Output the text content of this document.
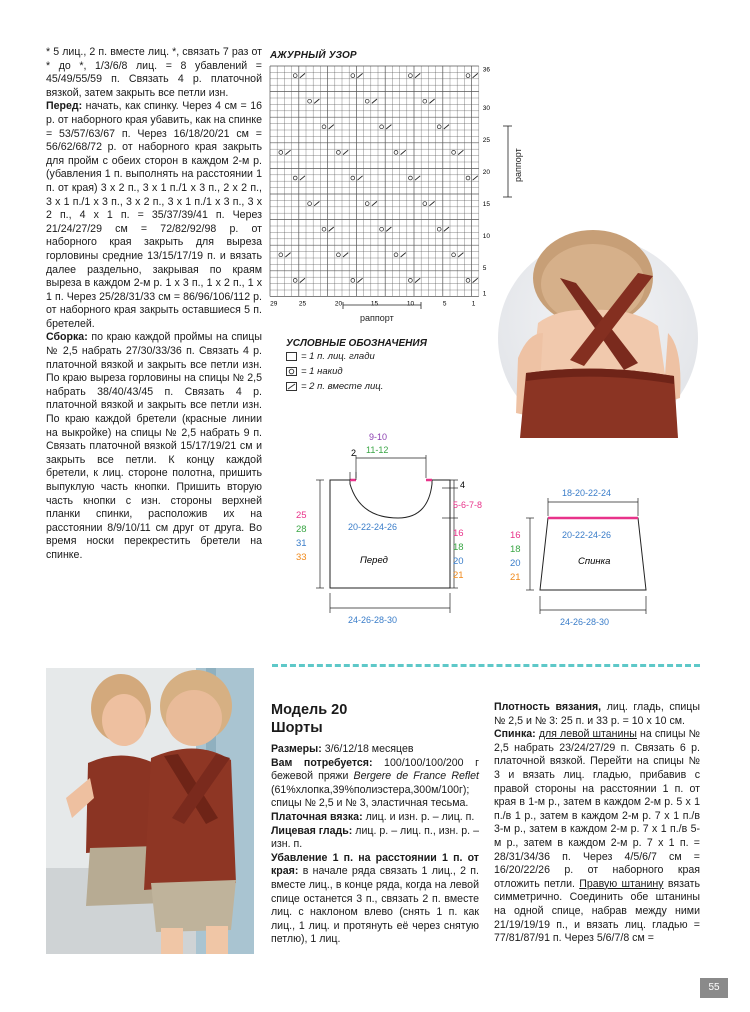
* 5 лиц., 2 п. вместе лиц. *, связать 7 раз от * до *, 1/3/6/8 лиц. = 8 убавлений = 45/49/55/59 п. Связать 4 р. платочной вязкой, затем закрыть все петли изн.

Перед: начать, как спинку. Через 4 см = 16 р. от наборного края убавить, как на спинке = 53/57/63/67 п. Через 16/18/20/21 см = 56/62/68/72 р. от наборного края закрыть для пройм с обеих сторон в каждом 2-м р. (убавления 1 п. выполнять на расстоянии 1 п. от края) 3 х 2 п., 3 х 1 п./1 х 3 п., 2 х 2 п., 3 х 1 п./1 х 3 п., 3 х 2 п., 3 х 1 п./1 х 3 п., 3 х 2 п., 4 х 1 п. = 35/37/39/41 п. Через 21/24/27/29 см = 72/82/92/98 р. от наборного края закрыть для выреза горловины средние 13/15/17/19 п. и вязать далее раздельно, закрывая по краям выреза в каждом 2-м р. 1 х 3 п., 1 х 2 п., 1 х 1 п. Через 25/28/31/33 см = 86/96/106/112 р. от наборного края закрыть оставшиеся 5 п. бретелей.

Сборка: по краю каждой проймы на спицы № 2,5 набрать 27/30/33/36 п. Связать 4 р. платочной вязкой и закрыть все петли изн. По краю выреза горловины на спицы № 2,5 набрать 38/40/43/45 п. Связать 4 р. платочной вязкой и закрыть все петли изн. По краю каждой бретели (красные линии на выкройке) на спицы № 2,5 набрать 9 п. Связать платочной вязкой 15/17/19/21 см и закрыть все петли. К концу каждой бретели, к лиц. стороне полотна, пришить выпуклую часть кнопки. Пришить вторую часть кнопки с изн. стороны верхней планки спинки, расположив их на расстоянии 8/9/10/11 см друг от друга. Во время носки перекрестить бретели на спинке.

АЖУРНЫЙ УЗОР
1
5
10
15
20
25
30
36
29	25	20	15	10	5	1
раппорт
раппорт
УСЛОВНЫЕ ОБОЗНАЧЕНИЯ
= 1 п. лиц. глади
= 1 накид
= 2 п. вместе лиц.
Перед
2
9-10
11-12
4
5-6-7-8
20-22-24-26
25
28
31
33
16
18
20
21
24-26-28-30
Спинка
18-20-22-24
20-22-24-26
16
18
20
21
24-26-28-30
Модель 20
Шорты

Размеры: 3/6/12/18 месяцев

Вам потребуется: 100/100/100/200 г бежевой пряжи Bergere de France Reflet (61%хлопка,39%полиэстера,300м/100г); спицы № 2,5 и № 3, эластичная тесьма.

Платочная вязка: лиц. и изн. р. – лиц. п.

Лицевая гладь: лиц. р. – лиц. п., изн. р. – изн. п.

Убавление 1 п. на расстоянии 1 п. от края: в начале ряда связать 1 лиц., 2 п. вместе лиц., в конце ряда, когда на левой спице останется 3 п., связать 2 п. вместе лиц. с наклоном влево (снять 1 п. как лиц., 1 лиц. и протянуть её через снятую петлю), 1 лиц.

Плотность вязания, лиц. гладь, спицы № 2,5 и № 3: 25 п. и 33 р. = 10 х 10 см.

Спинка: для левой штанины на спицы № 2,5 набрать 23/24/27/29 п. Связать 6 р. платочной вязкой. Перейти на спицы № 3 и вязать лиц. гладью, прибавив с правой стороны на расстоянии 1 п. от края в 1-м р., затем в каждом 2-м р. 5 х 1 п./в 1 р., затем в каждом 2-м р. 7 х 1 п./в 3-м р., затем в каждом 2-м р. 7 х 1 п./в 5-м р., затем в каждом 2-м р. 7 х 1 п. = 28/31/34/36 п. Через 4/5/6/7 см = 16/20/22/26 р. от наборного края отложить петли. Правую штанину вязать симметрично. Соединить обе штанины на одной спице, набрав между ними 21/19/19/19 п., и вязать лиц. гладью = 77/81/87/91 п. Через 5/6/7/8 см =

55
